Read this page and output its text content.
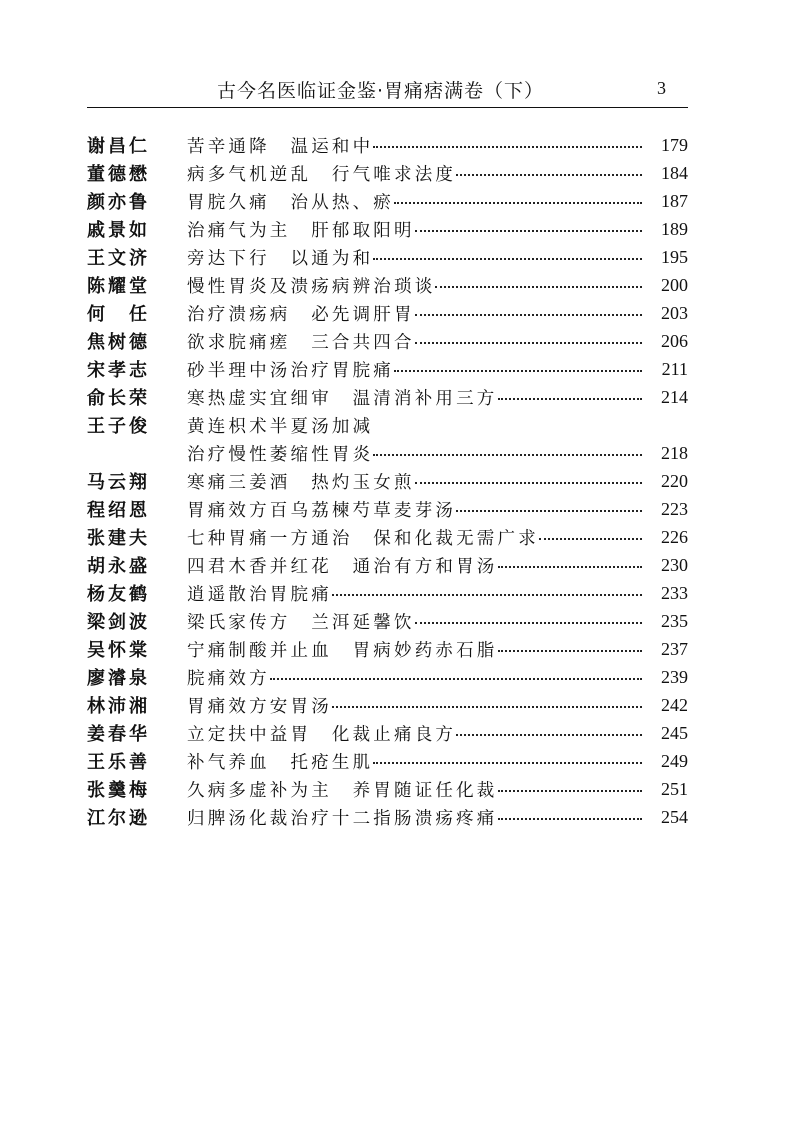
古今名医临证金鉴·胃痛痞满卷（下）	3
谢昌仁	苦辛通降　温运和中	179
董德懋	病多气机逆乱　行气唯求法度	184
颜亦鲁	胃脘久痛　治从热、瘀	187
戚景如	治痛气为主　肝郁取阳明	189
王文济	旁达下行　以通为和	195
陈耀堂	慢性胃炎及溃疡病辨治琐谈	200
何　任	治疗溃疡病　必先调肝胃	203
焦树德	欲求脘痛瘥　三合共四合	206
宋孝志	砂半理中汤治疗胃脘痛	211
俞长荣	寒热虚实宜细审　温清消补用三方	214
王子俊	黄连枳术半夏汤加减
治疗慢性萎缩性胃炎	218
马云翔	寒痛三姜酒　热灼玉女煎	220
程绍恩	胃痛效方百乌荔楝芍草麦芽汤	223
张建夫	七种胃痛一方通治　保和化裁无需广求	226
胡永盛	四君木香并红花　通治有方和胃汤	230
杨友鹤	逍遥散治胃脘痛	233
梁剑波	梁氏家传方　兰洱延馨饮	235
吴怀棠	宁痛制酸并止血　胃病妙药赤石脂	237
廖濬泉	脘痛效方	239
林沛湘	胃痛效方安胃汤	242
姜春华	立定扶中益胃　化裁止痛良方	245
王乐善	补气养血　托疮生肌	249
张羹梅	久病多虚补为主　养胃随证任化裁	251
江尔逊	归脾汤化裁治疗十二指肠溃疡疼痛	254
